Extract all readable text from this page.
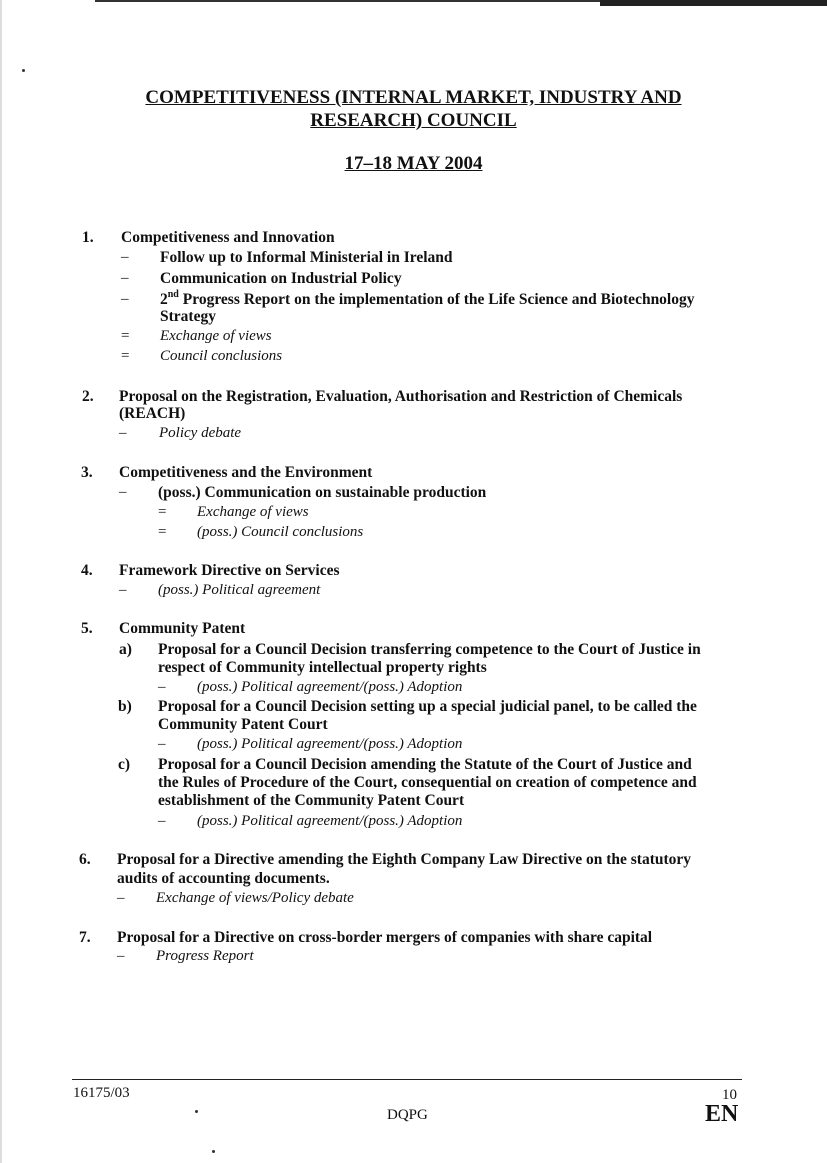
COMPETITIVENESS (INTERNAL MARKET, INDUSTRY AND
RESEARCH) COUNCIL
17–18 MAY 2004
1. Competitiveness and Innovation
– Follow up to Informal Ministerial in Ireland
– Communication on Industrial Policy
– 2nd Progress Report on the implementation of the Life Science and Biotechnology
Strategy
= Exchange of views
= Council conclusions
2. Proposal on the Registration, Evaluation, Authorisation and Restriction of Chemicals
(REACH)
– Policy debate
3. Competitiveness and the Environment
– (poss.) Communication on sustainable production
= Exchange of views
= (poss.) Council conclusions
4. Framework Directive on Services
– (poss.) Political agreement
5. Community Patent
a) Proposal for a Council Decision transferring competence to the Court of Justice in
respect of Community intellectual property rights
– (poss.) Political agreement/(poss.) Adoption
b) Proposal for a Council Decision setting up a special judicial panel, to be called the
Community Patent Court
– (poss.) Political agreement/(poss.) Adoption
c) Proposal for a Council Decision amending the Statute of the Court of Justice and
the Rules of Procedure of the Court, consequential on creation of competence and
establishment of the Community Patent Court
– (poss.) Political agreement/(poss.) Adoption
6. Proposal for a Directive amending the Eighth Company Law Directive on the statutory
audits of accounting documents.
– Exchange of views/Policy debate
7. Proposal for a Directive on cross-border mergers of companies with share capital
– Progress Report
16175/03	10
DQPG	EN
